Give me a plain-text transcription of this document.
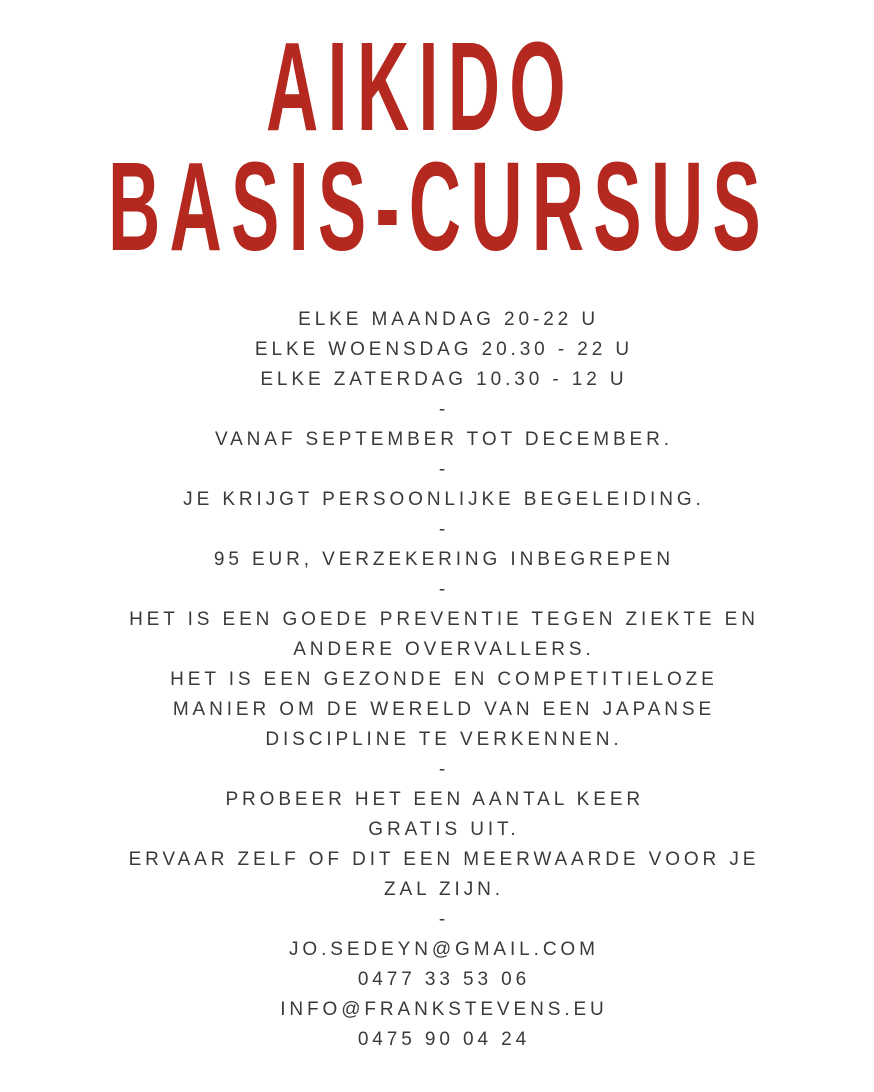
AIKIDO
BASIS-CURSUS
ELKE MAANDAG 20-22 U
ELKE WOENSDAG 20.30 - 22 U
ELKE ZATERDAG 10.30 - 12 U
-
VANAF SEPTEMBER TOT DECEMBER.
-
JE KRIJGT PERSOONLIJKE BEGELEIDING.
-
95 EUR, VERZEKERING INBEGREPEN
-
HET IS EEN GOEDE PREVENTIE TEGEN ZIEKTE EN
ANDERE OVERVALLERS.
HET IS EEN GEZONDE EN COMPETITIELOZE
MANIER OM DE WERELD VAN EEN JAPANSE
DISCIPLINE TE VERKENNEN.
-
PROBEER HET EEN AANTAL KEER
GRATIS UIT.
ERVAAR ZELF OF DIT EEN MEERWAARDE VOOR JE
ZAL ZIJN.
-
JO.SEDEYN@GMAIL.COM
0477 33 53 06
INFO@FRANKSTEVENS.EU
0475 90 04 24
